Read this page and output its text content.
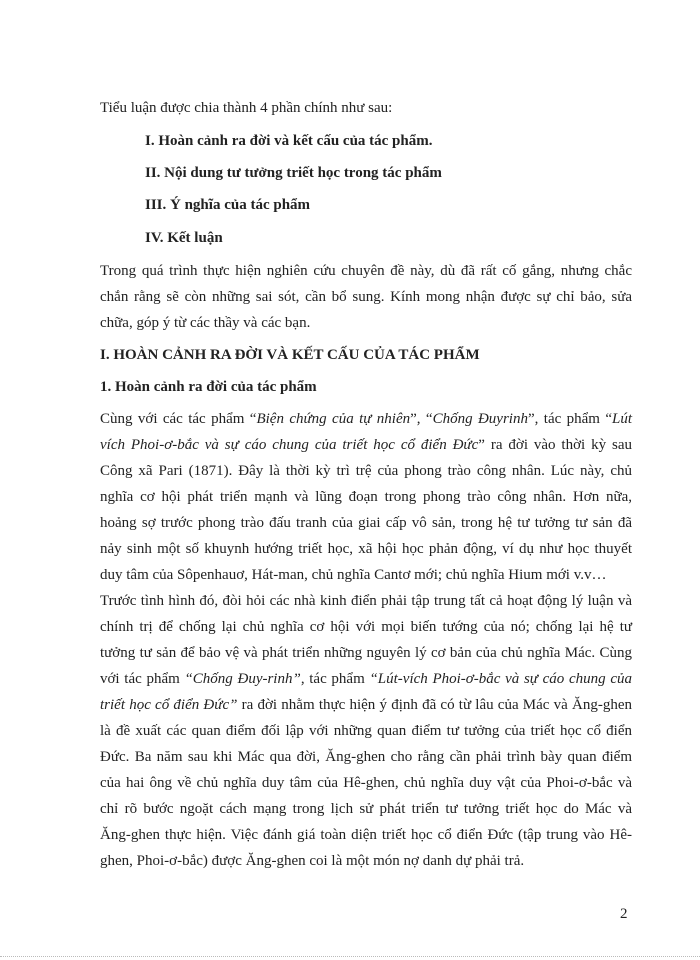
Tiểu luận được chia thành 4 phần chính như sau:
I. Hoàn cảnh ra đời và kết cấu của tác phẩm.
II. Nội dung tư tưởng triết học trong tác phẩm
III. Ý nghĩa của tác phẩm
IV. Kết luận
Trong quá trình thực hiện nghiên cứu chuyên đề này, dù đã rất cố gắng, nhưng chắc
chắn rằng sẽ còn những sai sót, cần bổ sung. Kính mong nhận được sự chỉ bảo, sửa
chữa, góp ý từ các thầy và các bạn.
I. HOÀN CẢNH RA ĐỜI VÀ KẾT CẤU CỦA TÁC PHẨM
1. Hoàn cảnh ra đời của tác phẩm
Cùng với các tác phẩm “Biện chứng của tự nhiên”, “Chống Đuyrinh”, tác phẩm “Lút
vích Phoi-ơ-bắc và sự cáo chung của triết học cổ điển Đức” ra đời vào thời kỳ sau
Công xã Pari (1871). Đây là thời kỳ trì trệ của phong trào công nhân. Lúc này, chủ
nghĩa cơ hội phát triển mạnh và lũng đoạn trong phong trào công nhân. Hơn nữa,
hoảng sợ trước phong trào đấu tranh của giai cấp vô sản, trong hệ tư tưởng tư sản đã
nảy sinh một số khuynh hướng triết học, xã hội học phản động, ví dụ như học thuyết
duy tâm của Sôpenhauơ, Hát-man, chủ nghĩa Cantơ mới; chủ nghĩa Hium mới v.v…
Trước tình hình đó, đòi hỏi các nhà kinh điển phải tập trung tất cả hoạt động lý luận và
chính trị để chống lại chủ nghĩa cơ hội với mọi biến tướng của nó; chống lại hệ tư
tưởng tư sản để bảo vệ và phát triển những nguyên lý cơ bản của chủ nghĩa Mác. Cùng
với tác phẩm “Chống Đuy-rinh”, tác phẩm “Lút-vích Phoi-ơ-bắc và sự cáo chung của
triết học cổ điển Đức” ra đời nhằm thực hiện ý định đã có từ lâu của Mác và Ăng-ghen
là đề xuất các quan điểm đối lập với những quan điểm tư tưởng của triết học cổ điển
Đức. Ba năm sau khi Mác qua đời, Ăng-ghen cho rằng cần phải trình bày quan điểm
của hai ông về chủ nghĩa duy tâm của Hê-ghen, chủ nghĩa duy vật của Phoi-ơ-bắc và
chỉ rõ bước ngoặt cách mạng trong lịch sử phát triển tư tưởng triết học do Mác và
Ăng-ghen thực hiện. Việc đánh giá toàn diện triết học cổ điển Đức (tập trung vào Hê-
ghen, Phoi-ơ-bắc) được Ăng-ghen coi là một món nợ danh dự phải trả.
2
